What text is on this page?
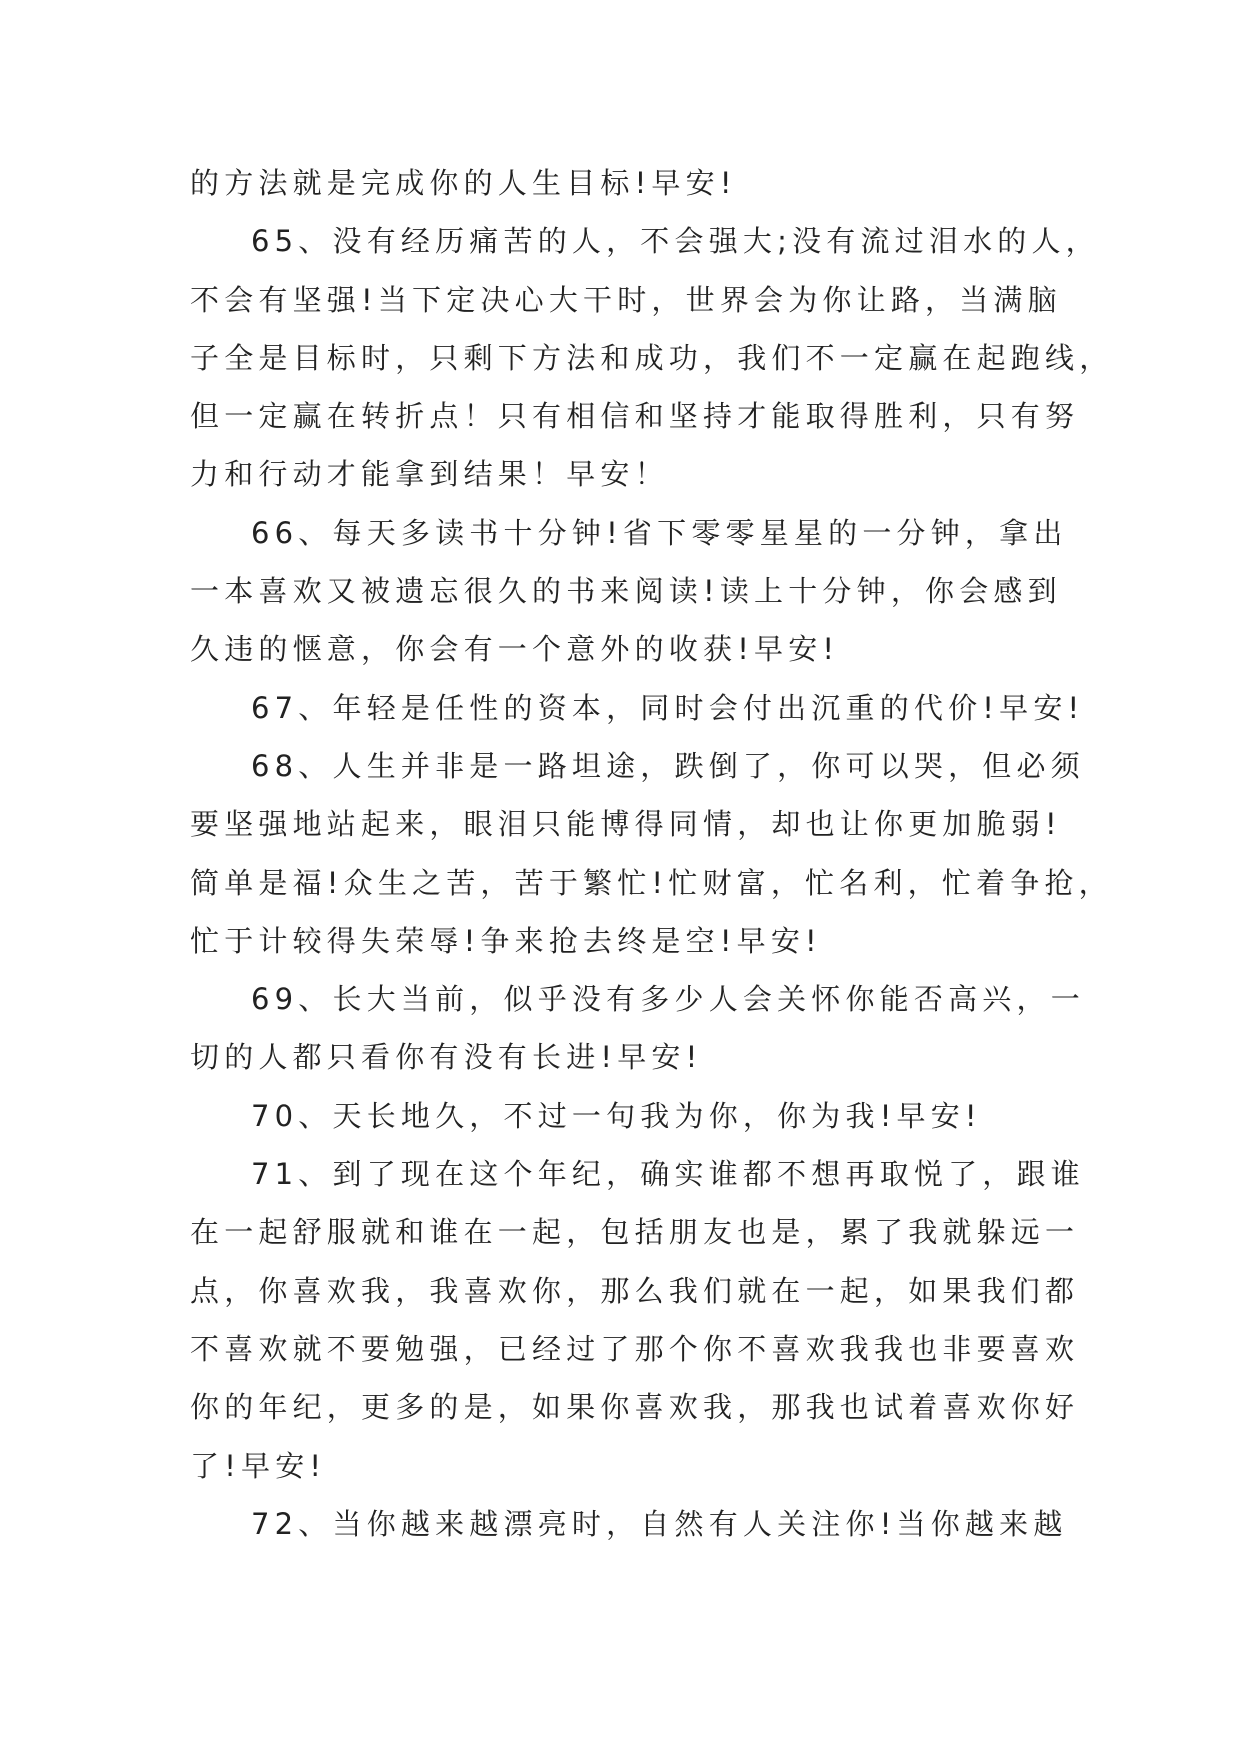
的方法就是完成你的人生目标!早安!
65、没有经历痛苦的人，不会强大;没有流过泪水的人，
不会有坚强!当下定决心大干时，世界会为你让路，当满脑
子全是目标时，只剩下方法和成功，我们不一定赢在起跑线，
但一定赢在转折点！只有相信和坚持才能取得胜利，只有努
力和行动才能拿到结果！早安！
66、每天多读书十分钟!省下零零星星的一分钟，拿出
一本喜欢又被遗忘很久的书来阅读!读上十分钟，你会感到
久违的惬意，你会有一个意外的收获!早安!
67、年轻是任性的资本，同时会付出沉重的代价!早安!
68、人生并非是一路坦途，跌倒了，你可以哭，但必须
要坚强地站起来，眼泪只能博得同情，却也让你更加脆弱!
简单是福!众生之苦，苦于繁忙!忙财富，忙名利，忙着争抢，
忙于计较得失荣辱!争来抢去终是空!早安!
69、长大当前，似乎没有多少人会关怀你能否高兴，一
切的人都只看你有没有长进!早安!
70、天长地久，不过一句我为你，你为我!早安!
71、到了现在这个年纪，确实谁都不想再取悦了，跟谁
在一起舒服就和谁在一起，包括朋友也是，累了我就躲远一
点，你喜欢我，我喜欢你，那么我们就在一起，如果我们都
不喜欢就不要勉强，已经过了那个你不喜欢我我也非要喜欢
你的年纪，更多的是，如果你喜欢我，那我也试着喜欢你好
了!早安!
72、当你越来越漂亮时，自然有人关注你!当你越来越
